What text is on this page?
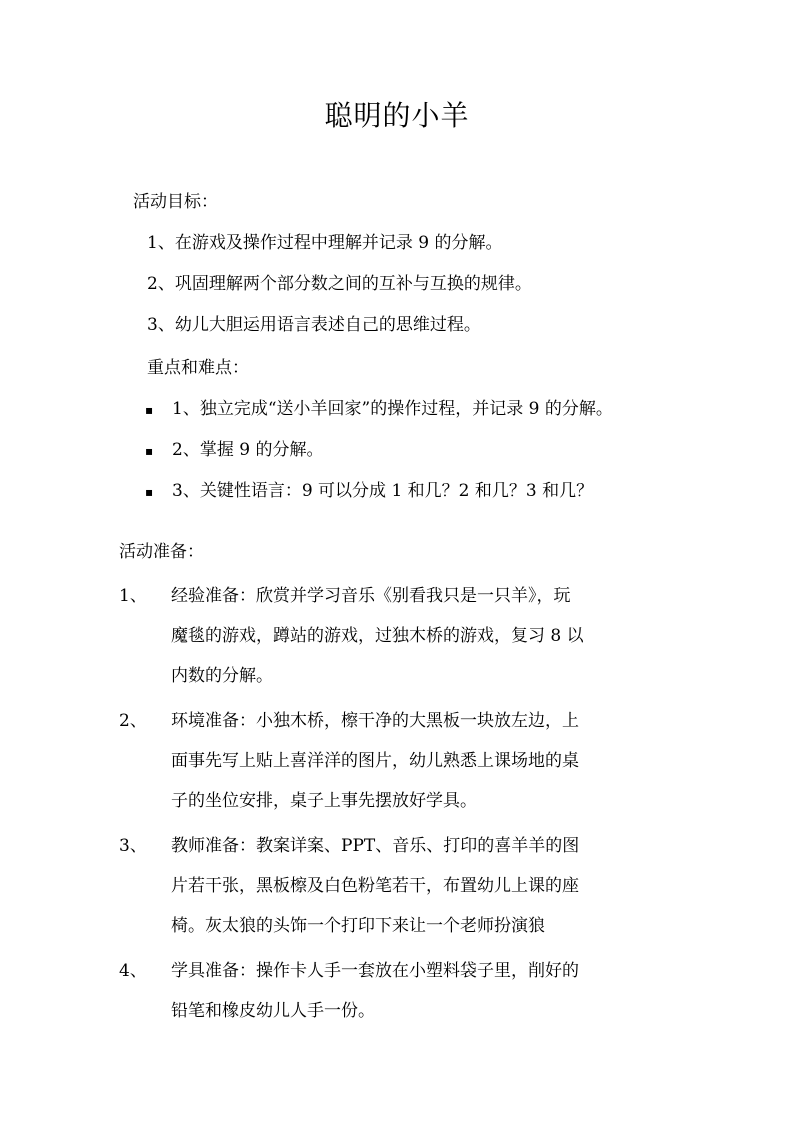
聪明的小羊
活动目标：
1、在游戏及操作过程中理解并记录 9 的分解。
2、巩固理解两个部分数之间的互补与互换的规律。
3、幼儿大胆运用语言表述自己的思维过程。
重点和难点：
▪ 1、独立完成“送小羊回家”的操作过程，并记录 9 的分解。
▪ 2、掌握 9 的分解。
▪ 3、关键性语言：9 可以分成 1 和几？2 和几？3 和几？
活动准备：
1、 经验准备：欣赏并学习音乐《别看我只是一只羊》，玩
魔毯的游戏，蹲站的游戏，过独木桥的游戏，复习 8 以
内数的分解。
2、 环境准备：小独木桥，檫干净的大黑板一块放左边，上
面事先写上贴上喜洋洋的图片，幼儿熟悉上课场地的桌
子的坐位安排，桌子上事先摆放好学具。
3、 教师准备：教案详案、PPT、音乐、打印的喜羊羊的图
片若干张，黑板檫及白色粉笔若干，布置幼儿上课的座
椅。灰太狼的头饰一个打印下来让一个老师扮演狼
4、 学具准备：操作卡人手一套放在小塑料袋子里，削好的
铅笔和橡皮幼儿人手一份。
